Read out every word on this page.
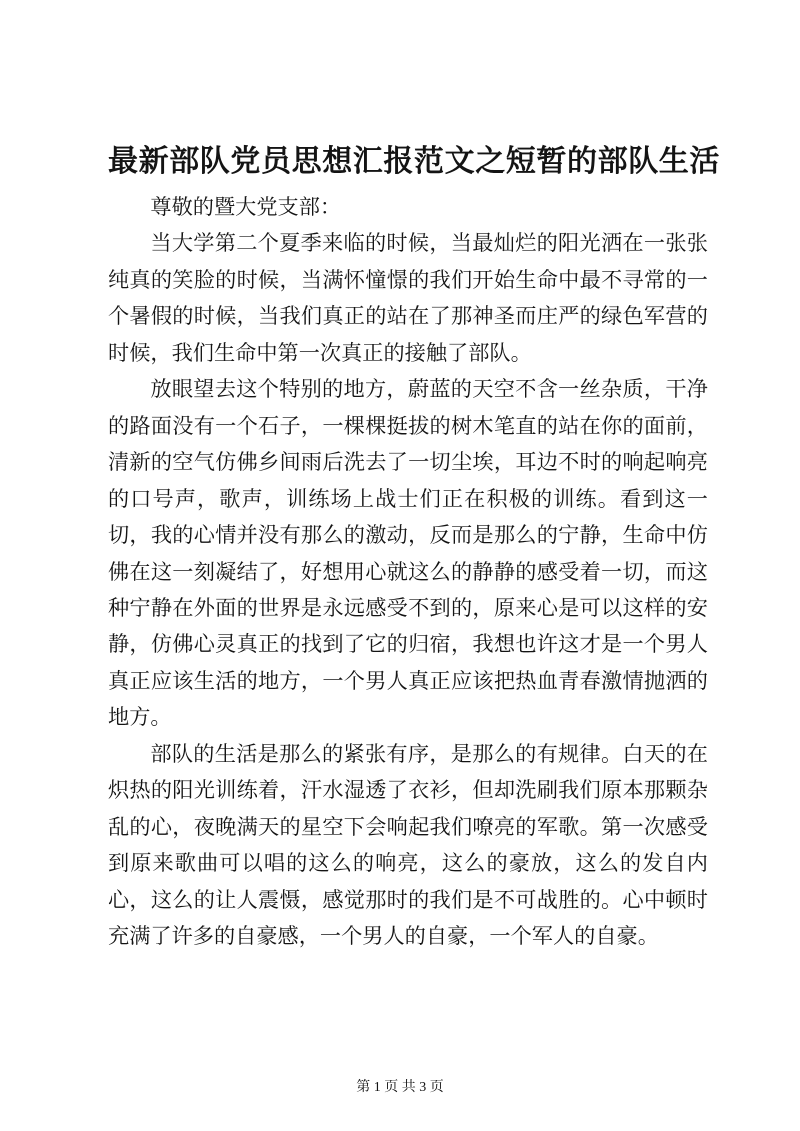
最新部队党员思想汇报范文之短暂的部队生活

尊敬的暨大党支部：

当大学第二个夏季来临的时候，当最灿烂的阳光洒在一张张纯真的笑脸的时候，当满怀憧憬的我们开始生命中最不寻常的一个暑假的时候，当我们真正的站在了那神圣而庄严的绿色军营的时候，我们生命中第一次真正的接触了部队。

放眼望去这个特别的地方，蔚蓝的天空不含一丝杂质，干净的路面没有一个石子，一棵棵挺拔的树木笔直的站在你的面前，清新的空气仿佛乡间雨后洗去了一切尘埃，耳边不时的响起响亮的口号声，歌声，训练场上战士们正在积极的训练。看到这一切，我的心情并没有那么的激动，反而是那么的宁静，生命中仿佛在这一刻凝结了，好想用心就这么的静静的感受着一切，而这种宁静在外面的世界是永远感受不到的，原来心是可以这样的安静，仿佛心灵真正的找到了它的归宿，我想也许这才是一个男人真正应该生活的地方，一个男人真正应该把热血青春激情抛洒的地方。

部队的生活是那么的紧张有序，是那么的有规律。白天的在炽热的阳光训练着，汗水湿透了衣衫，但却洗刷我们原本那颗杂乱的心，夜晚满天的星空下会响起我们嘹亮的军歌。第一次感受到原来歌曲可以唱的这么的响亮，这么的豪放，这么的发自内心，这么的让人震慑，感觉那时的我们是不可战胜的。心中顿时充满了许多的自豪感，一个男人的自豪，一个军人的自豪。

第 1 页 共 3 页
